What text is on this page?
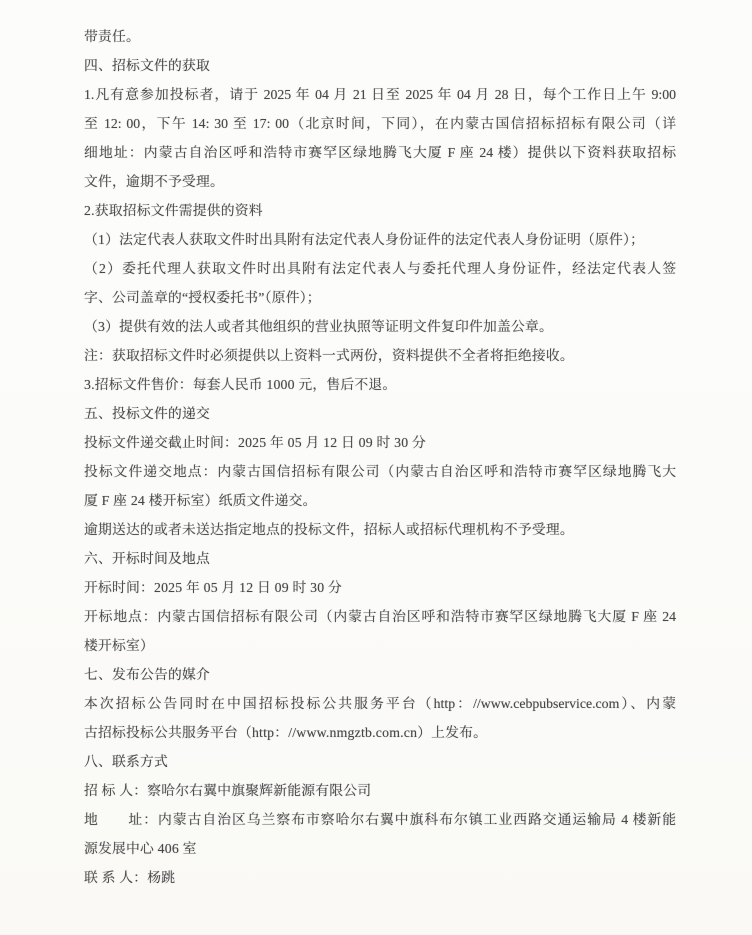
带责任。
四、招标文件的获取
1.凡有意参加投标者，请于 2025 年 04 月 21 日至 2025 年 04 月 28 日，每个工作日上午 9:00
至 12: 00，下午 14: 30 至 17: 00（北京时间，下同），在内蒙古国信招标招标有限公司（详
细地址：内蒙古自治区呼和浩特市赛罕区绿地腾飞大厦 F 座 24 楼）提供以下资料获取招标
文件，逾期不予受理。
2.获取招标文件需提供的资料
（1）法定代表人获取文件时出具附有法定代表人身份证件的法定代表人身份证明（原件）；
（2）委托代理人获取文件时出具附有法定代表人与委托代理人身份证件，经法定代表人签
字、公司盖章的“授权委托书”（原件）；
（3）提供有效的法人或者其他组织的营业执照等证明文件复印件加盖公章。
注：获取招标文件时必须提供以上资料一式两份，资料提供不全者将拒绝接收。
3.招标文件售价：每套人民币 1000 元，售后不退。
五、投标文件的递交
投标文件递交截止时间：2025 年 05 月 12 日 09 时 30 分
投标文件递交地点：内蒙古国信招标有限公司（内蒙古自治区呼和浩特市赛罕区绿地腾飞大
厦 F 座 24 楼开标室）纸质文件递交。
逾期送达的或者未送达指定地点的投标文件，招标人或招标代理机构不予受理。
六、开标时间及地点
开标时间：2025 年 05 月 12 日 09 时 30 分
开标地点：内蒙古国信招标有限公司（内蒙古自治区呼和浩特市赛罕区绿地腾飞大厦 F 座 24
楼开标室）
七、发布公告的媒介
本次招标公告同时在中国招标投标公共服务平台（http：//www.cebpubservice.com）、内蒙
古招标投标公共服务平台（http：//www.nmgztb.com.cn）上发布。
八、联系方式
招 标 人：察哈尔右翼中旗聚辉新能源有限公司
地　　址：内蒙古自治区乌兰察布市察哈尔右翼中旗科布尔镇工业西路交通运输局 4 楼新能
源发展中心 406 室
联 系 人：杨跳
